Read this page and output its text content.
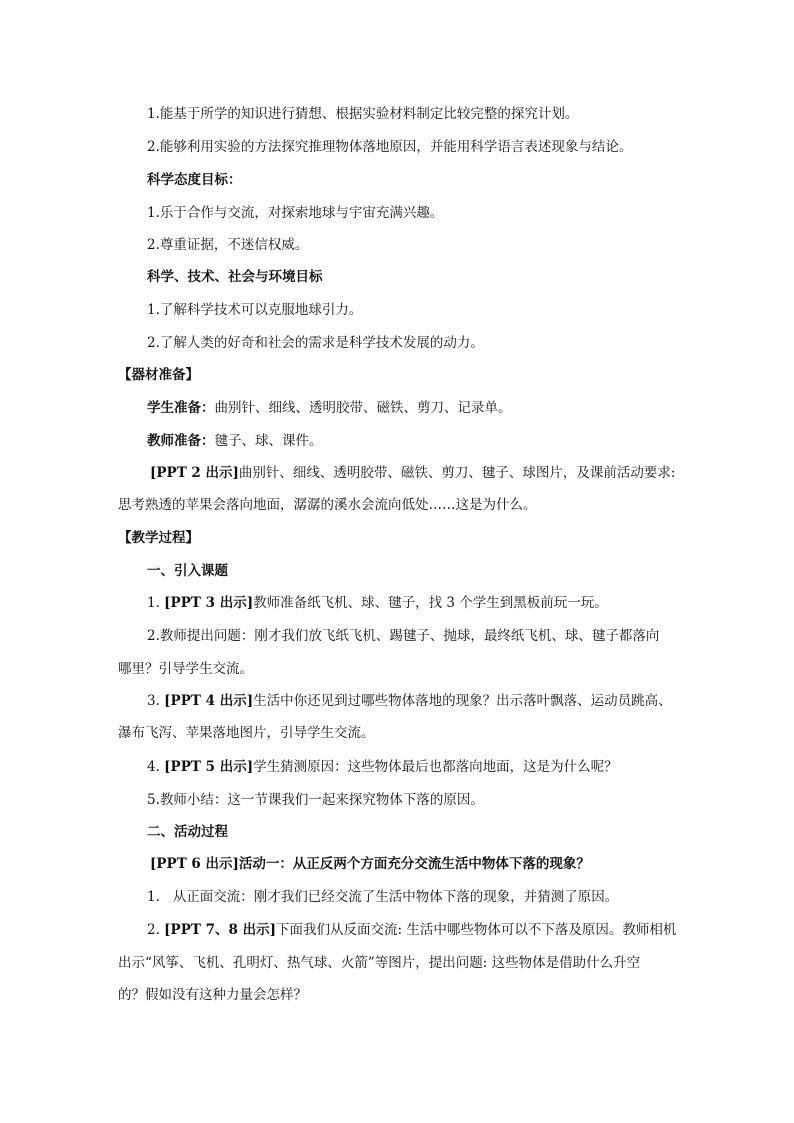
1.能基于所学的知识进行猜想、根据实验材料制定比较完整的探究计划。
2.能够利用实验的方法探究推理物体落地原因，并能用科学语言表述现象与结论。
科学态度目标：
1.乐于合作与交流，对探索地球与宇宙充满兴趣。
2.尊重证据，不迷信权威。
科学、技术、社会与环境目标
1.了解科学技术可以克服地球引力。
2.了解人类的好奇和社会的需求是科学技术发展的动力。
【器材准备】
学生准备：曲别针、细线、透明胶带、磁铁、剪刀、记录单。
教师准备：毽子、球、课件。
[PPT 2 出示]曲别针、细线、透明胶带、磁铁、剪刀、毽子、球图片，及课前活动要求:
思考熟透的苹果会落向地面，潺潺的溪水会流向低处……这是为什么。
【教学过程】
一、引入课题
1. [PPT 3 出示]教师准备纸飞机、球、毽子，找 3 个学生到黑板前玩一玩。
2.教师提出问题：刚才我们放飞纸飞机、踢毽子、抛球，最终纸飞机、球、毽子都落向
哪里？引导学生交流。
3. [PPT 4 出示]生活中你还见到过哪些物体落地的现象？出示落叶飘落、运动员跳高、
瀑布飞泻、苹果落地图片，引导学生交流。
4. [PPT 5 出示]学生猜测原因：这些物体最后也都落向地面，这是为什么呢？
5.教师小结：这一节课我们一起来探究物体下落的原因。
二、活动过程
[PPT 6 出示]活动一：从正反两个方面充分交流生活中物体下落的现象？
1.   从正面交流：刚才我们已经交流了生活中物体下落的现象，并猜测了原因。
2. [PPT 7、8 出示]下面我们从反面交流: 生活中哪些物体可以不下落及原因。教师相机
出示“风筝、飞机、孔明灯、热气球、火箭”等图片，提出问题: 这些物体是借助什么升空
的？假如没有这种力量会怎样？
